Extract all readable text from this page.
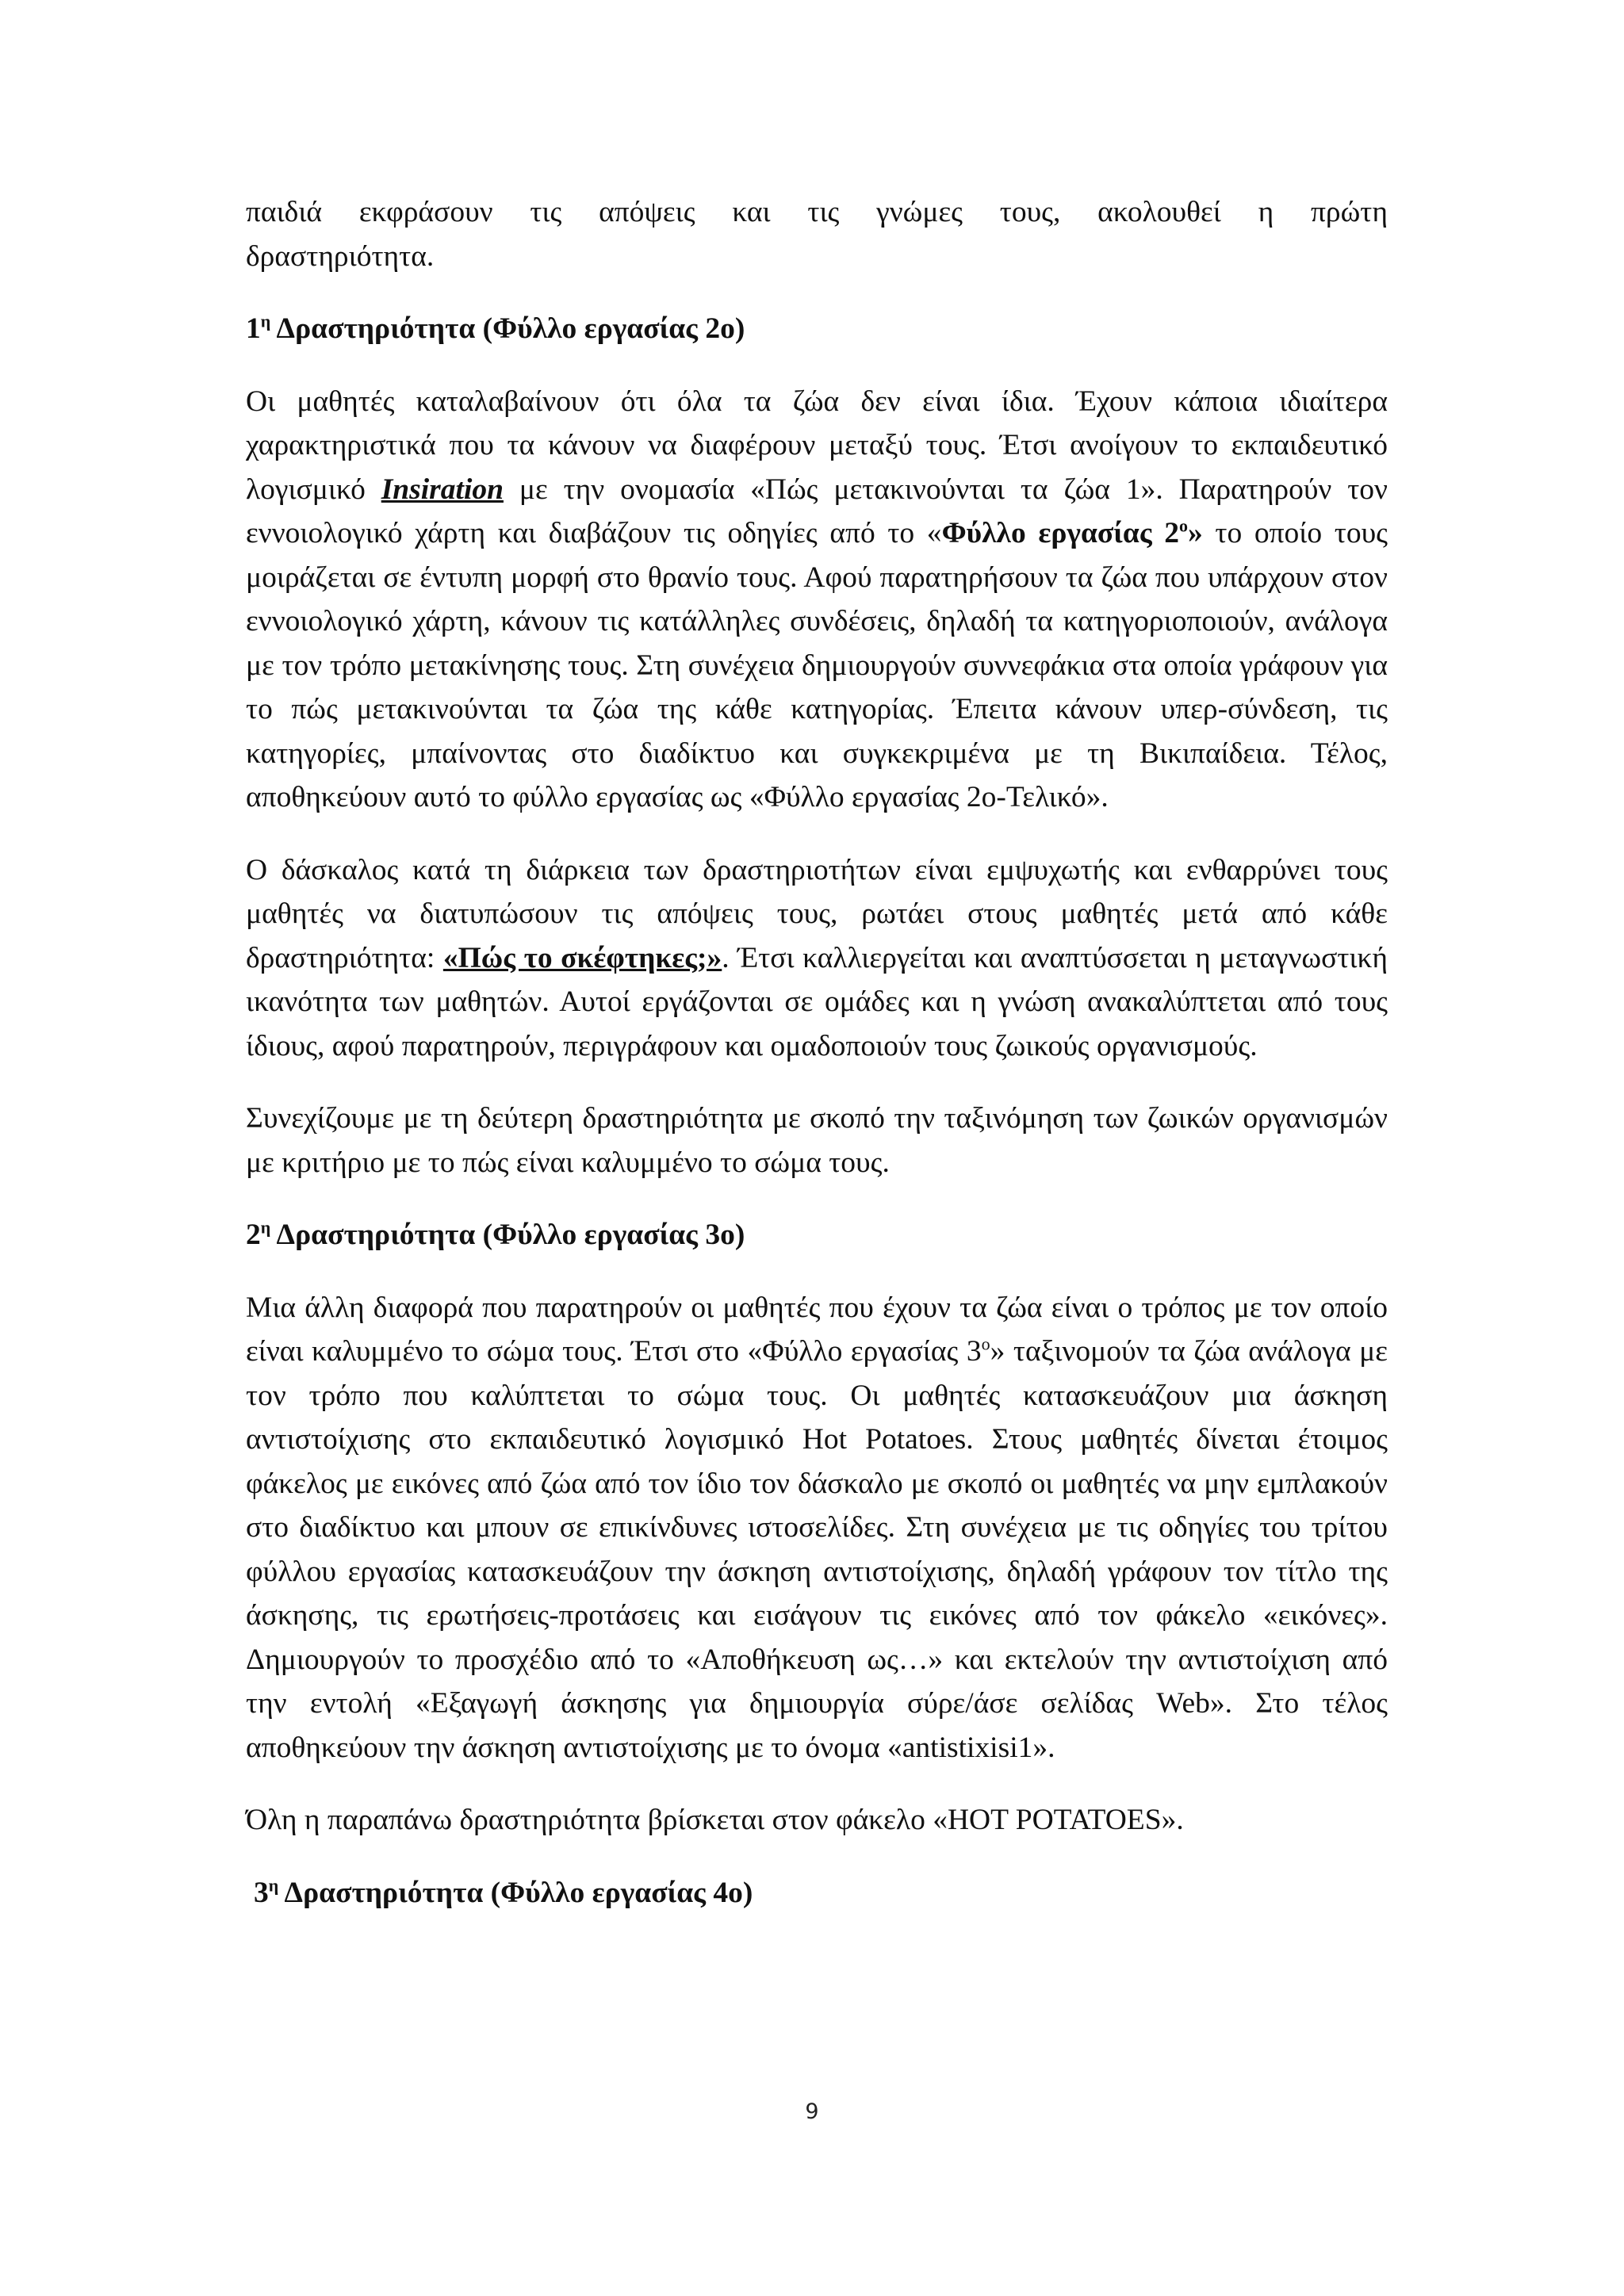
παιδιά εκφράσουν τις απόψεις και τις γνώμες τους, ακολουθεί η πρώτη

δραστηριότητα.

$1^\eta$ Δραστηριότητα (Φύλλο εργασίας 2ο)

Οι μαθητές καταλαβαίνουν ότι όλα τα ζώα δεν είναι ίδια. Έχουν κάποια ιδιαίτερα χαρακτηριστικά που τα κάνουν να διαφέρουν μεταξύ τους. Έτσι ανοίγουν το εκπαιδευτικό λογισμικό Insiration με την ονομασία «Πώς μετακινούνται τα ζώα 1». Παρατηρούν τον εννοιολογικό χάρτη και διαβάζουν τις οδηγίες από το «Φύλλο εργασίας $2^o$» το οποίο τους μοιράζεται σε έντυπη μορφή στο θρανίο τους. Αφού παρατηρήσουν τα ζώα που υπάρχουν στον εννοιολογικό χάρτη, κάνουν τις κατάλληλες συνδέσεις, δηλαδή τα κατηγοριοποιούν, ανάλογα με τον τρόπο μετακίνησης τους. Στη συνέχεια δημιουργούν συννεφάκια στα οποία γράφουν για το πώς μετακινούνται τα ζώα της κάθε κατηγορίας. Έπειτα κάνουν υπερ-σύνδεση, τις κατηγορίες, μπαίνοντας στο διαδίκτυο και συγκεκριμένα με τη Βικιπαίδεια. Τέλος, αποθηκεύουν αυτό το φύλλο εργασίας ως «Φύλλο εργασίας 2ο-Τελικό».

Ο δάσκαλος κατά τη διάρκεια των δραστηριοτήτων είναι εμψυχωτής και ενθαρρύνει τους μαθητές να διατυπώσουν τις απόψεις τους, ρωτάει στους μαθητές μετά από κάθε δραστηριότητα: «Πώς το σκέφτηκες;». Έτσι καλλιεργείται και αναπτύσσεται η μεταγνωστική ικανότητα των μαθητών. Αυτοί εργάζονται σε ομάδες και η γνώση ανακαλύπτεται από τους ίδιους, αφού παρατηρούν, περιγράφουν και ομαδοποιούν τους ζωικούς οργανισμούς.

Συνεχίζουμε με τη δεύτερη δραστηριότητα με σκοπό την ταξινόμηση των ζωικών οργανισμών με κριτήριο με το πώς είναι καλυμμένο το σώμα τους.

$2^\eta$ Δραστηριότητα (Φύλλο εργασίας 3ο)

Μια άλλη διαφορά που παρατηρούν οι μαθητές που έχουν τα ζώα είναι ο τρόπος με τον οποίο είναι καλυμμένο το σώμα τους. Έτσι στο «Φύλλο εργασίας $3^o$» ταξινομούν τα ζώα ανάλογα με τον τρόπο που καλύπτεται το σώμα τους. Οι μαθητές κατασκευάζουν μια άσκηση αντιστοίχισης στο εκπαιδευτικό λογισμικό Hot Potatoes. Στους μαθητές δίνεται έτοιμος φάκελος με εικόνες από ζώα από τον ίδιο τον δάσκαλο με σκοπό οι μαθητές να μην εμπλακούν στο διαδίκτυο και μπουν σε επικίνδυνες ιστοσελίδες. Στη συνέχεια με τις οδηγίες του τρίτου φύλλου εργασίας κατασκευάζουν την άσκηση αντιστοίχισης, δηλαδή γράφουν τον τίτλο της άσκησης, τις ερωτήσεις-προτάσεις και εισάγουν τις εικόνες από τον φάκελο «εικόνες». Δημιουργούν το προσχέδιο από το «Αποθήκευση ως…» και εκτελούν την αντιστοίχιση από την εντολή «Εξαγωγή άσκησης για δημιουργία σύρε/άσε σελίδας Web». Στο τέλος αποθηκεύουν την άσκηση αντιστοίχισης με το όνομα «antistixisi1».

Όλη η παραπάνω δραστηριότητα βρίσκεται στον φάκελο «HOT POTATOES».

$3^\eta$ Δραστηριότητα (Φύλλο εργασίας 4ο)

9
